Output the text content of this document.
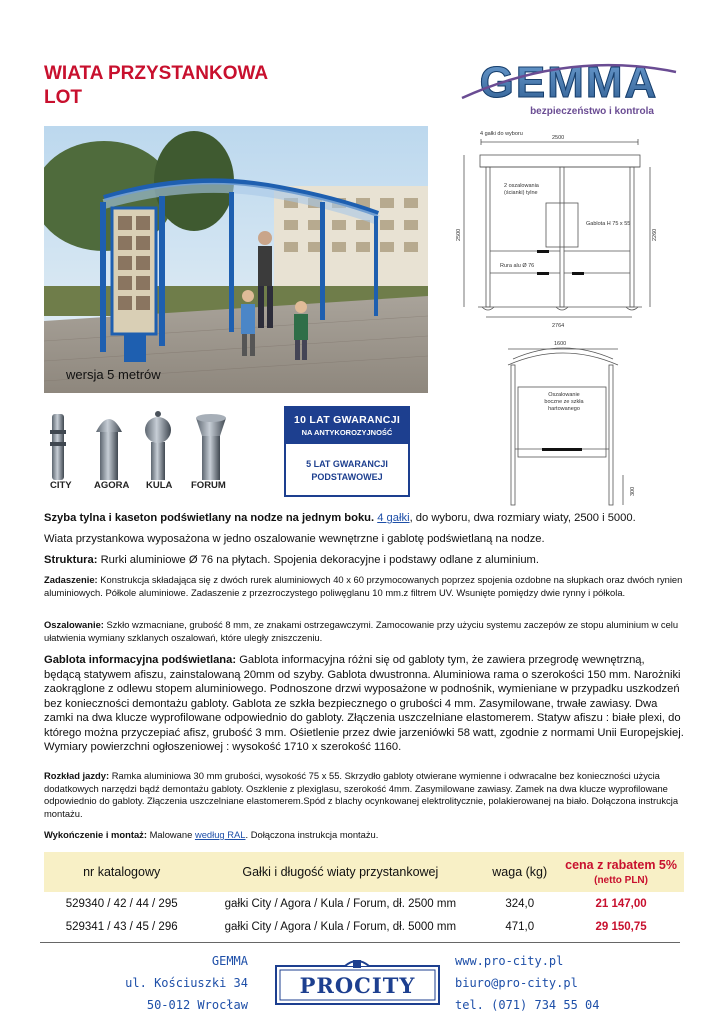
WIATA PRZYSTANKOWA
LOT	GEMMA
bezpieczeństwo i kontrola
wersja 5 metrów
4 gałki do wyboru
2500
2500	2260
2 oszalowania (ścianki) tylne
Gablota H 75 x 55
Rura alu Ø 76
2764
1600
Oszalowanie boczne ze szkła hartowanego
300
CITY AGORA KULA FORUM
10 LAT GWARANCJI
NA ANTYKOROZYJNOŚĆ
5 LAT GWARANCJI
PODSTAWOWEJ
Szyba tylna i kaseton podświetlany na nodze na jednym boku. 4 gałki, do wyboru, dwa rozmiary wiaty, 2500 i 5000.
Wiata przystankowa wyposażona w jedno oszalowanie wewnętrzne i gablotę podświetlaną na nodze.
Struktura: Rurki aluminiowe Ø 76 na płytach. Spojenia dekoracyjne i podstawy odlane z aluminium.
Zadaszenie: Konstrukcja składająca się z dwóch rurek aluminiowych 40 x 60 przymocowanych poprzez spojenia ozdobne na słupkach oraz dwóch rynien aluminiowych. Półkole aluminiowe. Zadaszenie z przezroczystego poliwęglanu 10 mm.z filtrem UV. Wsunięte pomiędzy dwie rynny i półkola.
Oszalowanie: Szkło wzmacniane, grubość 8 mm, ze znakami ostrzegawczymi. Zamocowanie przy użyciu systemu zaczepów ze stopu aluminium w celu ułatwienia wymiany szklanych oszalowań, które uległy zniszczeniu.
Gablota informacyjna podświetlana: Gablota informacyjna różni się od gabloty tym, że zawiera przegrodę wewnętrzną, będącą statywem afiszu, zainstalowaną 20mm od szyby. Gablota dwustronna. Aluminiowa rama o szerokości 150 mm. Narożniki zaokrąglone z odlewu stopem aluminiowego. Podnoszone drzwi wyposażone w podnośnik, wymieniane w przypadku uszkodzeń bez konieczności demontażu gabloty. Gablota ze szkła bezpiecznego o grubości 4 mm. Zasymilowane, trwałe zawiasy. Dwa zamki na dwa klucze wyprofilowane odpowiednio do gabloty. Złączenia uszczelniane elastomerem. Statyw afiszu : białe plexi, do którego można przyczepiać afisz, grubość 3 mm. Ośietlenie przez dwie jarzeniówki 58 watt, zgodnie z normami Unii Europejskiej. Wymiary powierzchni ogłoszeniowej : wysokość 1710 x szerokość 1160.
Rozkład jazdy: Ramka aluminiowa 30 mm grubości, wysokość 75 x 55. Skrzydło gabloty otwierane wymienne i odwracalne bez konieczności użycia dodatkowych narzędzi bądź demontażu gabloty. Oszklenie z plexiglasu, szerokość 4mm. Zasymilowane zawiasy. Zamek na dwa klucze wyprofilowane odpowiednio do gabloty. Złączenia uszczelniane elastomerem.Spód z blachy ocynkowanej elektrolitycznie, polakierowanej na biało. Dołączona instrukcja montażu.
Wykończenie i montaż: Malowane według RAL. Dołączona instrukcja montażu.
nr katalogowy	Gałki i długość wiaty przystankowej	waga (kg)	cena z rabatem 5% (netto PLN)
529340 / 42 / 44 / 295	gałki City / Agora / Kula / Forum, dł. 2500 mm	324,0	21 147,00
529341 / 43 / 45 / 296	gałki City / Agora / Kula / Forum, dł. 5000 mm	471,0	29 150,75
GEMMA
ul. Kościuszki 34
50-012 Wrocław
PROCITY
www.pro-city.pl
biuro@pro-city.pl
tel. (071) 734 55 04
